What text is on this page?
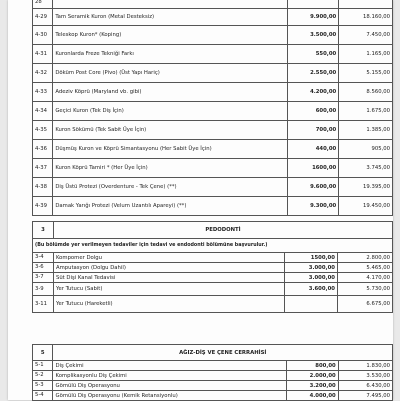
28			
4-29	Tam Seramik Kuron (Metal Desteksiz)	9.900,00	18.160,00
4-30	Teleskop Kuron* (Koping)	3.500,00	7.450,00
4-31	Kuronlarda Freze Tekniği Farkı	550,00	1.165,00
4-32	Döküm Post Core (Pivo) (Üst Yapı Hariç)	2.550,00	5.155,00
4-33	Adeziv Köprü (Maryland vb. gibi)	4.200,00	8.560,00
4-34	Geçici Kuron (Tek Diş İçin)	600,00	1.675,00
4-35	Kuron Sökümü (Tek Sabit Üye İçin)	700,00	1.385,00
4-36	Düşmüş Kuron ve Köprü Simantasyonu (Her Sabit Üye İçin)	440,00	905,00
4-37	Kuron Köprü Tamiri * (Her Üye İçin)	1600,00	3.745,00
4-38	Diş Üstü Protezi (Overdenture - Tek Çene) (**)	9.600,00	19.395,00
4-39	Damak Yarığı Protezi (Velum Uzantılı Apareyi) (**)	9.300,00	19.450,00
3	PEDODONTİ		
(Bu bölümde yer verilmeyen tedaviler için tedavi ve endodonti bölümüne başvurulur.)			
3-4	Kompomer Dolgu	1500,00	2.800,00
3-6	Amputasyon (Dolgu Dahil)	3.000,00	5.465,00
3-7	Süt Dişi Kanal Tedavisi	3.000,00	4.170,00
3-9	Yer Tutucu (Sabit)	3.600,00	5.730,00
3-11	Yer Tutucu (Hareketli)		6.675,00
5	AĞIZ-DİŞ VE ÇENE CERRAHİSİ		
5-1	Diş Çekimi	800,00	1.830,00
5-2	Komplikasyonlu Diş Çekimi	2.000,00	3.530,00
5-3	Gömülü Diş Operasyonu	3.200,00	6.430,00
5-4	Gömülü Diş Operasyonu (Kemik Retansiyonlu)	4.000,00	7.495,00
